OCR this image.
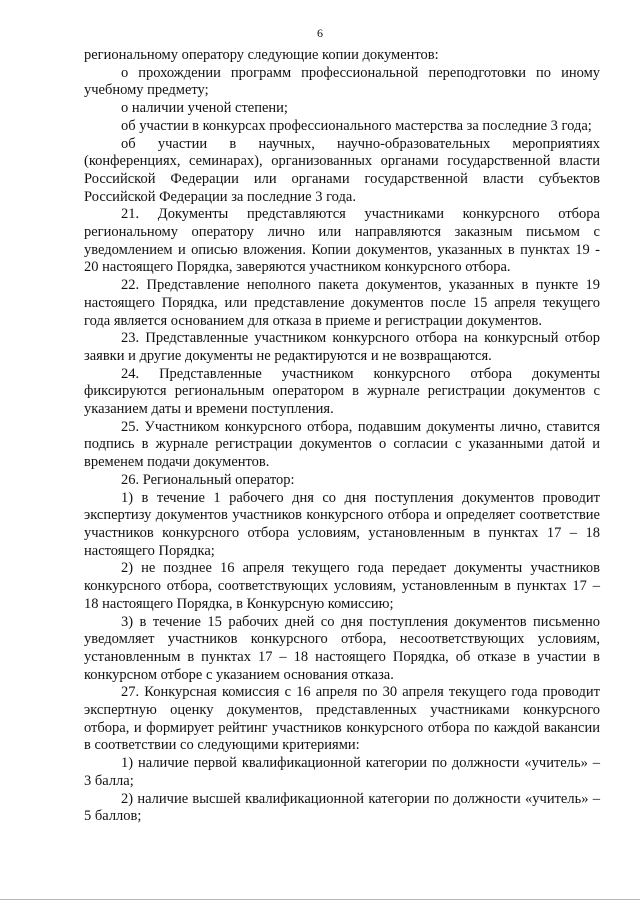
6

региональному оператору следующие копии документов:

о прохождении программ профессиональной переподготовки по иному учебному предмету;

о наличии ученой степени;

об участии в конкурсах профессионального мастерства за последние 3 года;

об участии в научных, научно-образовательных мероприятиях (конференциях, семинарах), организованных органами государственной власти Российской Федерации или органами государственной власти субъектов Российской Федерации за последние 3 года.

21. Документы представляются участниками конкурсного отбора региональному оператору лично или направляются заказным письмом с уведомлением и описью вложения. Копии документов, указанных в пунктах 19 - 20 настоящего Порядка, заверяются участником конкурсного отбора.

22. Представление неполного пакета документов, указанных в пункте 19 настоящего Порядка, или представление документов после 15 апреля текущего года является основанием для отказа в приеме и регистрации документов.

23. Представленные участником конкурсного отбора на конкурсный отбор заявки и другие документы не редактируются и не возвращаются.

24. Представленные участником конкурсного отбора документы фиксируются региональным оператором в журнале регистрации документов с указанием даты и времени поступления.

25. Участником конкурсного отбора, подавшим документы лично, ставится подпись в журнале регистрации документов о согласии с указанными датой и временем подачи документов.

26. Региональный оператор:

1) в течение 1 рабочего дня со дня поступления документов проводит экспертизу документов участников конкурсного отбора и определяет соответствие участников конкурсного отбора условиям, установленным в пунктах 17 – 18 настоящего Порядка;

2) не позднее 16 апреля текущего года передает документы участников конкурсного отбора, соответствующих условиям, установленным в пунктах 17 – 18 настоящего Порядка, в Конкурсную комиссию;

3) в течение 15 рабочих дней со дня поступления документов письменно уведомляет участников конкурсного отбора, несоответствующих условиям, установленным в пунктах 17 – 18 настоящего Порядка, об отказе в участии в конкурсном отборе с указанием основания отказа.

27. Конкурсная комиссия с 16 апреля по 30 апреля текущего года проводит экспертную оценку документов, представленных участниками конкурсного отбора, и формирует рейтинг участников конкурсного отбора по каждой вакансии в соответствии со следующими критериями:

1) наличие первой квалификационной категории по должности «учитель» – 3 балла;

2) наличие высшей квалификационной категории по должности «учитель» – 5 баллов;
